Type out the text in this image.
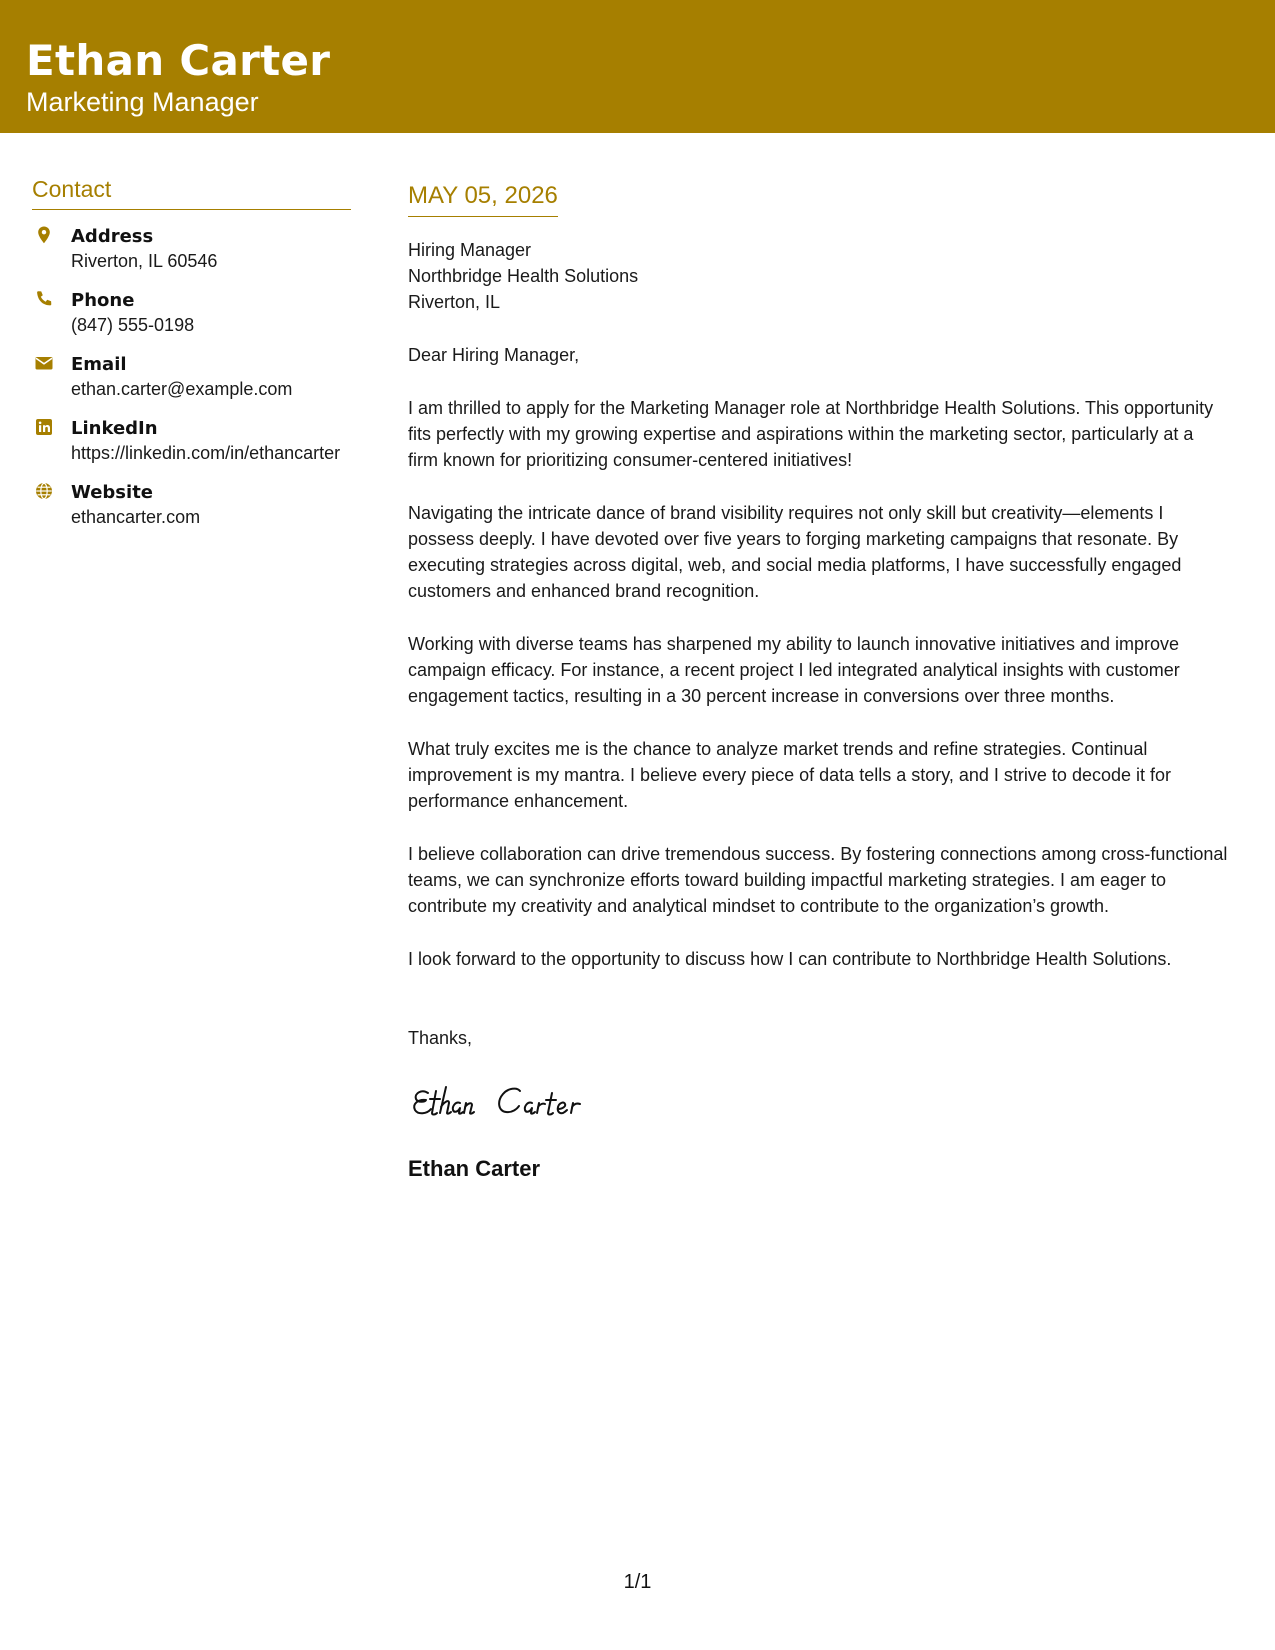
Ethan Carter
Marketing Manager
Contact
Address
Riverton, IL 60546
Phone
(847) 555-0198
Email
ethan.carter@example.com
LinkedIn
https://linkedin.com/in/ethancarter
Website
ethancarter.com
MAY 05, 2026
Hiring Manager
Northbridge Health Solutions
Riverton, IL
Dear Hiring Manager,
I am thrilled to apply for the Marketing Manager role at Northbridge Health Solutions. This opportunity fits perfectly with my growing expertise and aspirations within the marketing sector, particularly at a firm known for prioritizing consumer-centered initiatives!
Navigating the intricate dance of brand visibility requires not only skill but creativity—elements I possess deeply. I have devoted over five years to forging marketing campaigns that resonate. By executing strategies across digital, web, and social media platforms, I have successfully engaged customers and enhanced brand recognition.
Working with diverse teams has sharpened my ability to launch innovative initiatives and improve campaign efficacy. For instance, a recent project I led integrated analytical insights with customer engagement tactics, resulting in a 30 percent increase in conversions over three months.
What truly excites me is the chance to analyze market trends and refine strategies. Continual improvement is my mantra. I believe every piece of data tells a story, and I strive to decode it for performance enhancement.
I believe collaboration can drive tremendous success. By fostering connections among cross-functional teams, we can synchronize efforts toward building impactful marketing strategies. I am eager to contribute my creativity and analytical mindset to contribute to the organization’s growth.
I look forward to the opportunity to discuss how I can contribute to Northbridge Health Solutions.
Thanks,
Ethan Carter
1/1
